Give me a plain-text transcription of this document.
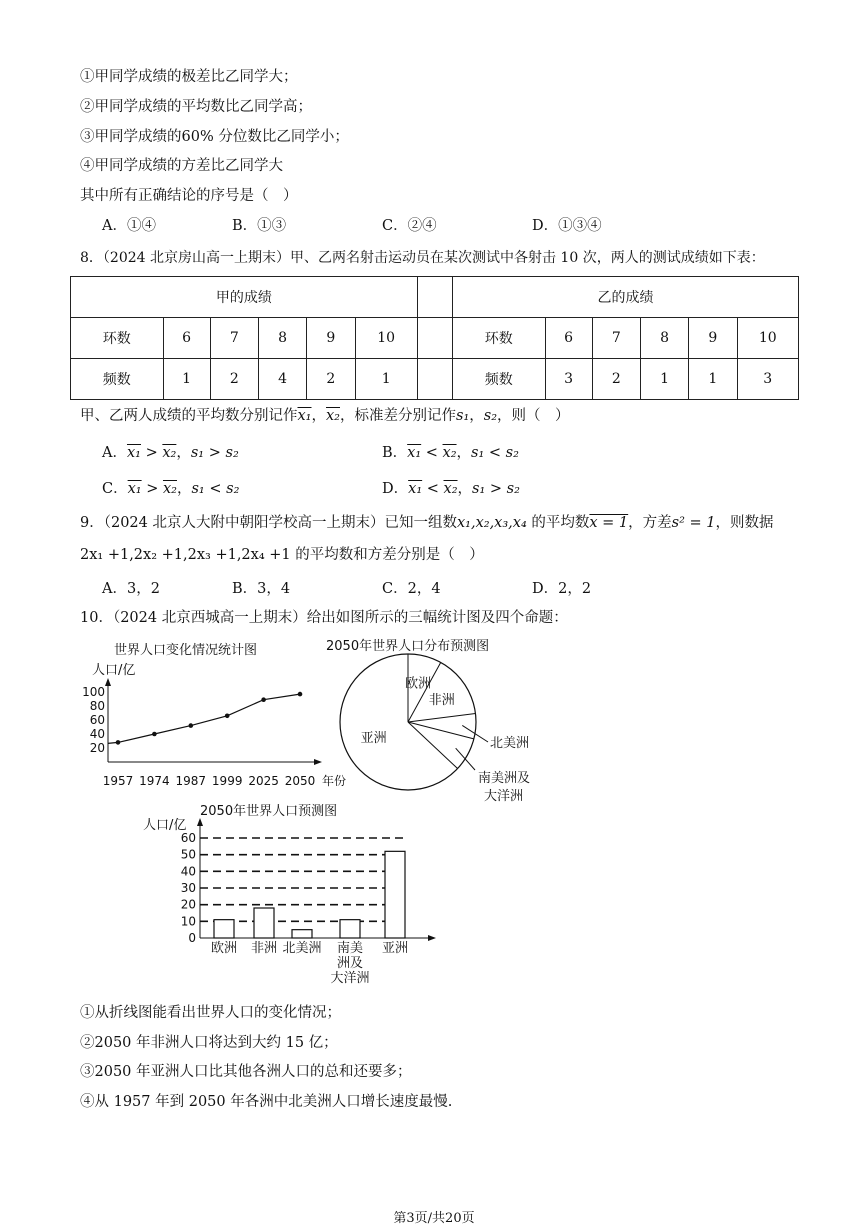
①甲同学成绩的极差比乙同学大；
②甲同学成绩的平均数比乙同学高；
③甲同学成绩的60% 分位数比乙同学小；
④甲同学成绩的方差比乙同学大
其中所有正确结论的序号是（　）
A．①④	B．①③	C．②④	D．①③④
8．（2024 北京房山高一上期末）甲、乙两名射击运动员在某次测试中各射击 10 次，两人的测试成绩如下表：
甲的成绩							乙的成绩					
环数	6	7	8	9	10		环数	6	7	8	9	10
频数	1	2	4	2	1		频数	3	2	1	1	3
甲、乙两人成绩的平均数分别记作x₁，x₂，标准差分别记作s₁，s₂，则（　）
A．x₁ > x₂，s₁ > s₂	B．x₁ < x₂，s₁ < s₂
C．x₁ > x₂，s₁ < s₂	D．x₁ < x₂，s₁ > s₂
9．（2024 北京人大附中朝阳学校高一上期末）已知一组数x₁,x₂,x₃,x₄ 的平均数x = 1，方差s² = 1，则数据
2x₁ +1,2x₂ +1,2x₃ +1,2x₄ +1 的平均数和方差分别是（　）
A．3，2	B．3，4	C．2，4	D．2，2
10．（2024 北京西城高一上期末）给出如图所示的三幅统计图及四个命题：
世界人口变化情况统计图
人口/亿
20
40
60
80
100
1957 1974 1987 1999 2025 2050 年份
2050年世界人口分布预测图
欧洲
非洲
亚洲	北美洲
南美洲及
大洋洲
2050年世界人口预测图
人口/亿
0
10
20
30
40
50
60
欧洲 非洲 北美洲 南美
洲及
大洋洲
亚洲
①从折线图能看出世界人口的变化情况；
②2050 年非洲人口将达到大约 15 亿；
③2050 年亚洲人口比其他各洲人口的总和还要多；
④从 1957 年到 2050 年各洲中北美洲人口增长速度最慢.
第3页/共20页
